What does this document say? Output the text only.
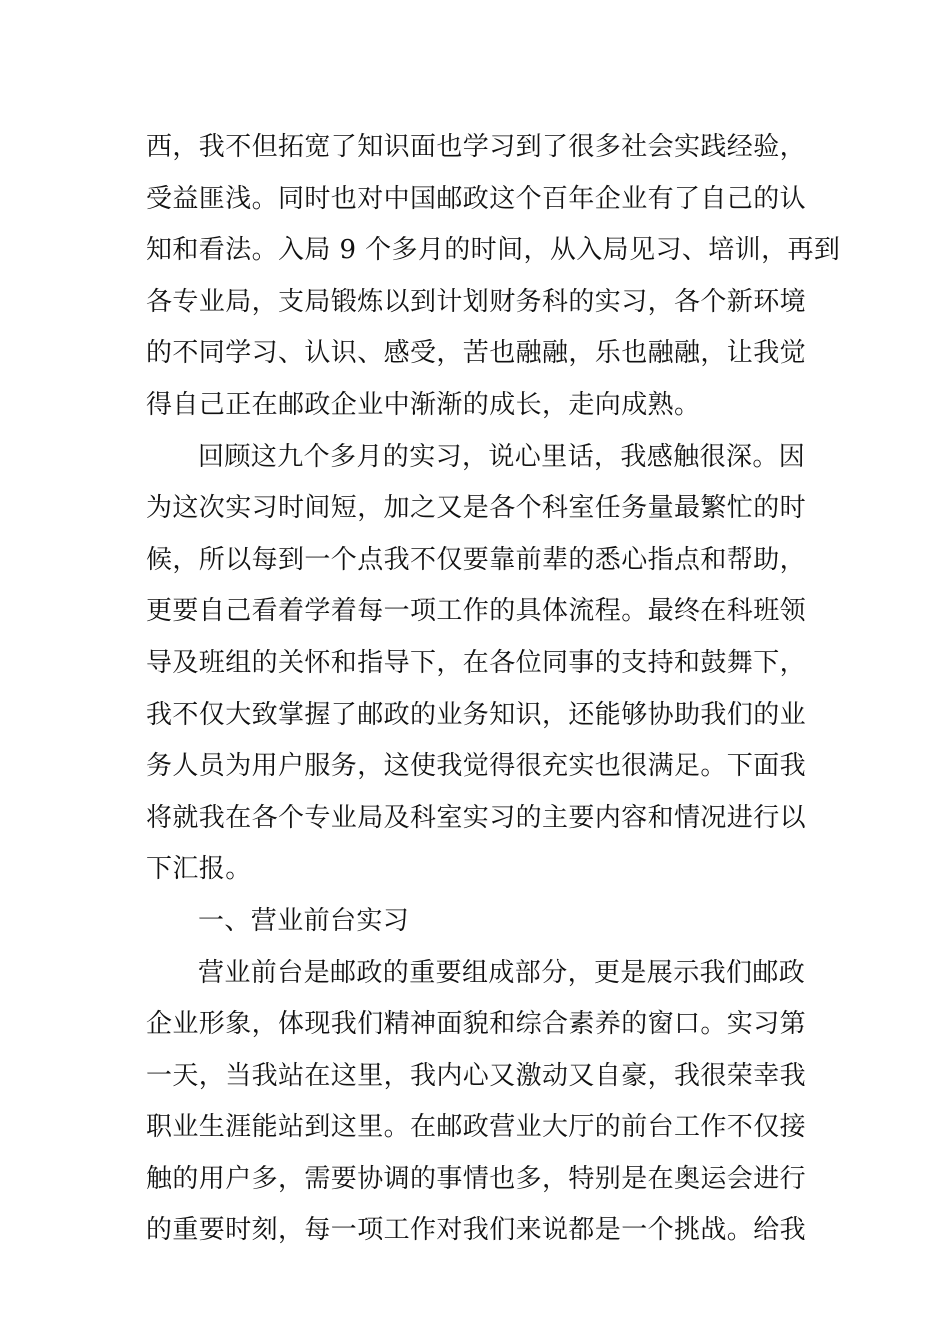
西，我不但拓宽了知识面也学习到了很多社会实践经验，
受益匪浅。同时也对中国邮政这个百年企业有了自己的认
知和看法。入局 9 个多月的时间，从入局见习、培训，再到
各专业局，支局锻炼以到计划财务科的实习，各个新环境
的不同学习、认识、感受，苦也融融，乐也融融，让我觉
得自己正在邮政企业中渐渐的成长，走向成熟。
回顾这九个多月的实习，说心里话，我感触很深。因
为这次实习时间短，加之又是各个科室任务量最繁忙的时
候，所以每到一个点我不仅要靠前辈的悉心指点和帮助，
更要自己看着学着每一项工作的具体流程。最终在科班领
导及班组的关怀和指导下，在各位同事的支持和鼓舞下，
我不仅大致掌握了邮政的业务知识，还能够协助我们的业
务人员为用户服务，这使我觉得很充实也很满足。下面我
将就我在各个专业局及科室实习的主要内容和情况进行以
下汇报。
一、营业前台实习
营业前台是邮政的重要组成部分，更是展示我们邮政
企业形象，体现我们精神面貌和综合素养的窗口。实习第
一天，当我站在这里，我内心又激动又自豪，我很荣幸我
职业生涯能站到这里。在邮政营业大厅的前台工作不仅接
触的用户多，需要协调的事情也多，特别是在奥运会进行
的重要时刻，每一项工作对我们来说都是一个挑战。给我
